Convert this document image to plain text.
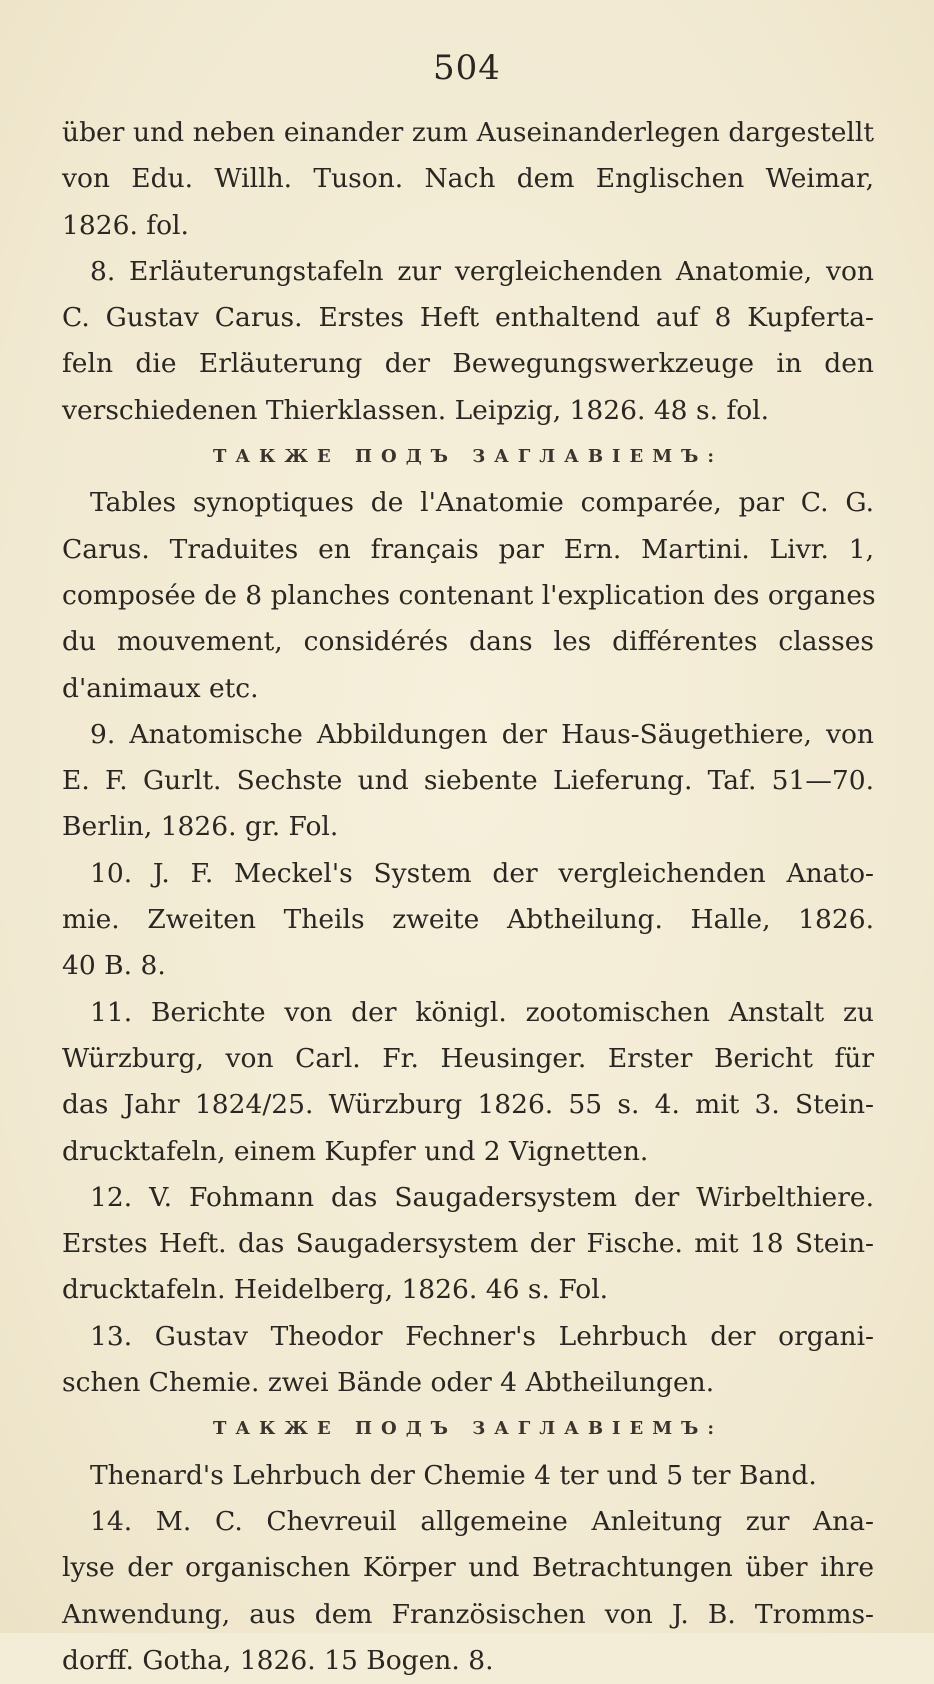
504
über und neben einander zum Auseinanderlegen dargestellt
von Edu. Willh. Tuson. Nach dem Englischen Weimar,
1826. fol.
8. Erläuterungstafeln zur vergleichenden Anatomie, von
C. Gustav Carus. Erstes Heft enthaltend auf 8 Kupferta-
feln die Erläuterung der Bewegungswerkzeuge in den
verschiedenen Thierklassen. Leipzig, 1826. 48 s. fol.
ТАКЖЕ ПОДЪ ЗАГЛАВІЕМЪ:
Tables synoptiques de l'Anatomie comparée, par C. G.
Carus. Traduites en français par Ern. Martini. Livr. 1,
composée de 8 planches contenant l'explication des organes
du mouvement, considérés dans les différentes classes
d'animaux etc.
9. Anatomische Abbildungen der Haus-Säugethiere, von
E. F. Gurlt. Sechste und siebente Lieferung. Taf. 51—70.
Berlin, 1826. gr. Fol.
10. J. F. Meckel's System der vergleichenden Anato-
mie. Zweiten Theils zweite Abtheilung. Halle, 1826.
40 B. 8.
11. Berichte von der königl. zootomischen Anstalt zu
Würzburg, von Carl. Fr. Heusinger. Erster Bericht für
das Jahr 1824/25. Würzburg 1826. 55 s. 4. mit 3. Stein-
drucktafeln, einem Kupfer und 2 Vignetten.
12. V. Fohmann das Saugadersystem der Wirbelthiere.
Erstes Heft. das Saugadersystem der Fische. mit 18 Stein-
drucktafeln. Heidelberg, 1826. 46 s. Fol.
13. Gustav Theodor Fechner's Lehrbuch der organi-
schen Chemie. zwei Bände oder 4 Abtheilungen.
ТАКЖЕ ПОДЪ ЗАГЛАВІЕМЪ:
Thenard's Lehrbuch der Chemie 4 ter und 5 ter Band.
14. M. C. Chevreuil allgemeine Anleitung zur Ana-
lyse der organischen Körper und Betrachtungen über ihre
Anwendung, aus dem Französischen von J. B. Tromms-
dorff. Gotha, 1826. 15 Bogen. 8.
